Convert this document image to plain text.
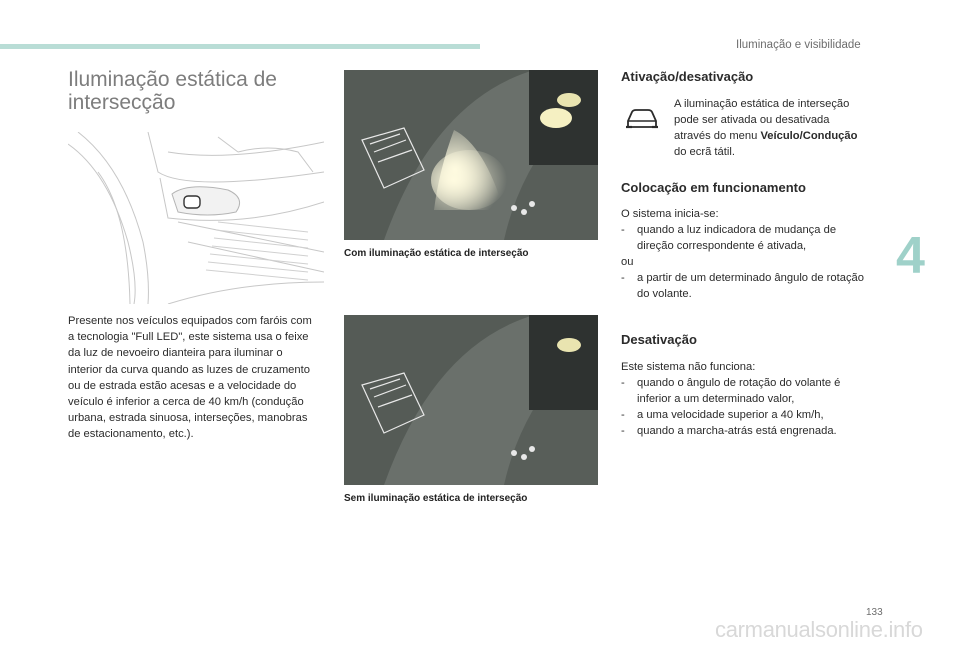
Iluminação e visibilidade
4
133
carmanualsonline.info
Iluminação estática de
intersecção

Presente nos veículos equipados com faróis com a tecnologia "Full LED", este sistema usa o feixe da luz de nevoeiro dianteira para iluminar o interior da curva quando as luzes de cruzamento ou de estrada estão acesas e a velocidade do veículo é inferior a cerca de 40 km/h (condução urbana, estrada sinuosa, interseções, manobras de estacionamento, etc.).

Com iluminação estática de interseção
Sem iluminação estática de interseção
Ativação/desativação

A iluminação estática de interseção pode ser ativada ou desativada através do menu Veículo/Condução do ecrã tátil.

Colocação em funcionamento

O sistema inicia-se:

- quando a luz indicadora de mudança de direção correspondente é ativada,

ou

- a partir de um determinado ângulo de rotação do volante.

Desativação

Este sistema não funciona:

- quando o ângulo de rotação do volante é inferior a um determinado valor,

- a uma velocidade superior a 40 km/h,

- quando a marcha-atrás está engrenada.
